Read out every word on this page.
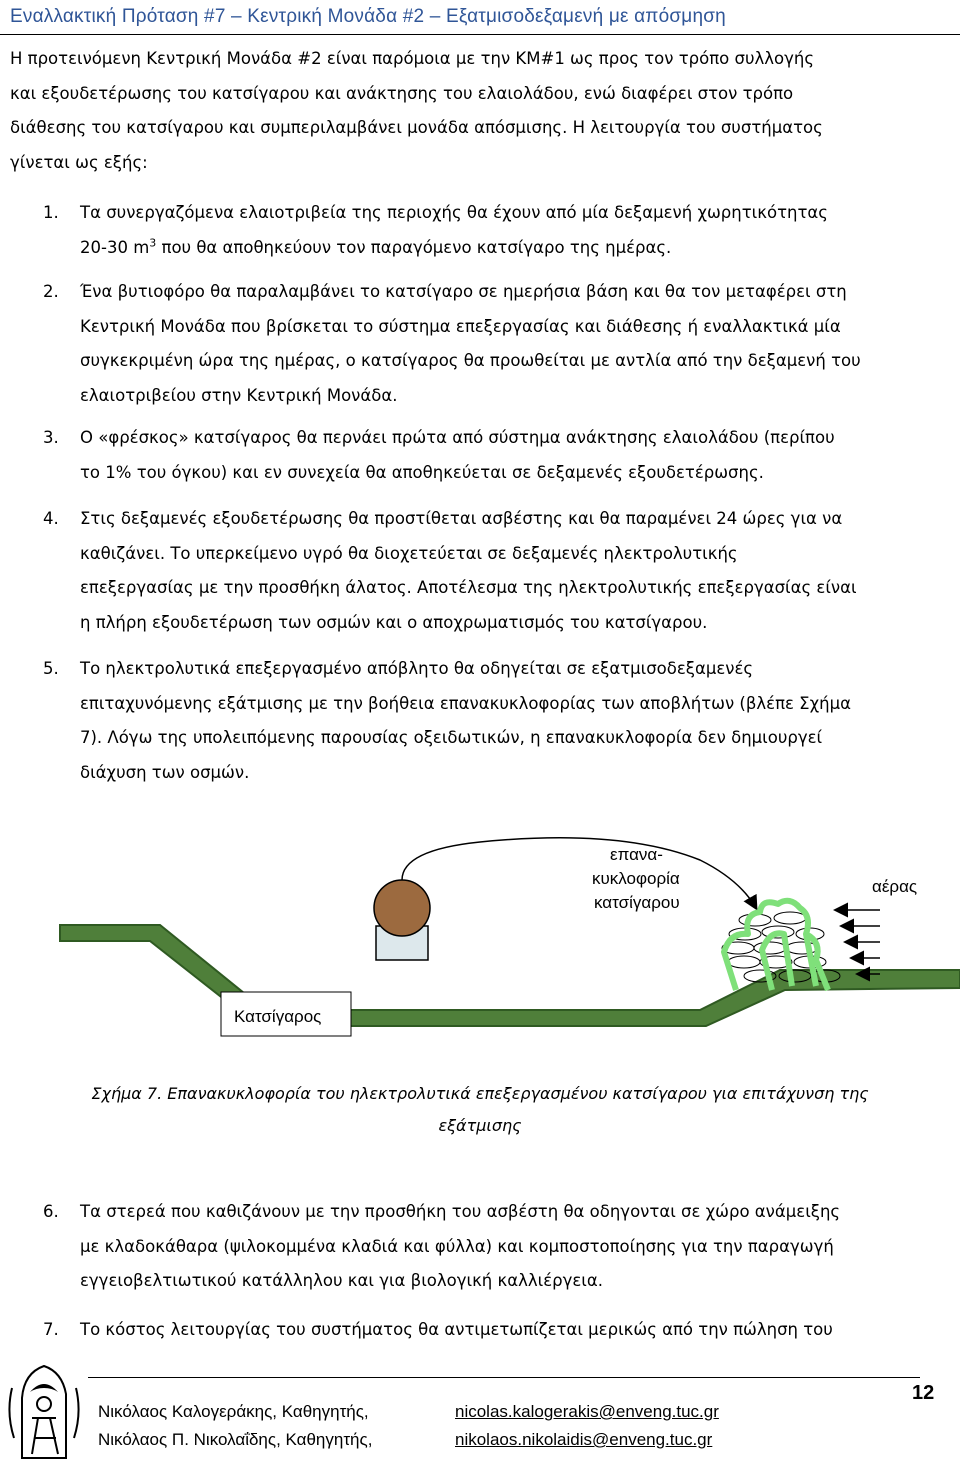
Εναλλακτική Πρόταση #7 – Κεντρική Μονάδα #2 – Εξατμισοδεξαμενή με απόσμηση
Η προτεινόμενη Κεντρική Μονάδα #2 είναι παρόμοια με την ΚΜ#1 ως προς τον τρόπο συλλογής
και εξουδετέρωσης του κατσίγαρου και ανάκτησης του ελαιολάδου, ενώ διαφέρει στον τρόπο
διάθεσης του κατσίγαρου και συμπεριλαμβάνει μονάδα απόσμισης. Η λειτουργία του συστήματος
γίνεται ως εξής:
1. Τα συνεργαζόμενα ελαιοτριβεία της περιοχής θα έχουν από μία δεξαμενή χωρητικότητας
20-30 $m^3$ που θα αποθηκεύουν τον παραγόμενο κατσίγαρο της ημέρας.
2. Ένα βυτιοφόρο θα παραλαμβάνει το κατσίγαρο σε ημερήσια βάση και θα τον μεταφέρει στη
Κεντρική Μονάδα που βρίσκεται το σύστημα επεξεργασίας και διάθεσης ή εναλλακτικά μία
συγκεκριμένη ώρα της ημέρας, ο κατσίγαρος θα προωθείται με αντλία από την δεξαμενή του
ελαιοτριβείου στην Κεντρική Μονάδα.
3. Ο «φρέσκος» κατσίγαρος θα περνάει πρώτα από σύστημα ανάκτησης ελαιολάδου (περίπου
το 1% του όγκου) και εν συνεχεία θα αποθηκεύεται σε δεξαμενές εξουδετέρωσης.
4. Στις δεξαμενές εξουδετέρωσης θα προστίθεται ασβέστης και θα παραμένει 24 ώρες για να
καθιζάνει. Το υπερκείμενο υγρό θα διοχετεύεται σε δεξαμενές ηλεκτρολυτικής
επεξεργασίας με την προσθήκη άλατος. Αποτέλεσμα της ηλεκτρολυτικής επεξεργασίας είναι
η πλήρη εξουδετέρωση των οσμών και ο αποχρωματισμός του κατσίγαρου.
5. Το ηλεκτρολυτικά επεξεργασμένο απόβλητο θα οδηγείται σε εξατμισοδεξαμενές
επιταχυνόμενης εξάτμισης με την βοήθεια επανακυκλοφορίας των αποβλήτων (βλέπε Σχήμα
7). Λόγω της υπολειπόμενης παρουσίας οξειδωτικών, η επανακυκλοφορία δεν δημιουργεί
διάχυση των οσμών.
επανα-
κυκλοφορία
κατσίγαρου
αέρας
Κατσίγαρος
Σχήμα 7. Επανακυκλοφορία του ηλεκτρολυτικά επεξεργασμένου κατσίγαρου για επιτάχυνση της
εξάτμισης
6. Τα στερεά που καθιζάνουν με την προσθήκη του ασβέστη θα οδηγονται σε χώρο ανάμειξης
με κλαδοκάθαρα (ψιλοκομμένα κλαδιά και φύλλα) και κομποστοποίησης για την παραγωγή
εγγειοβελτιωτικού κατάλληλου και για βιολογική καλλιέργεια.
7. Το κόστος λειτουργίας του συστήματος θα αντιμετωπίζεται μερικώς από την πώληση του
12
Νικόλαος Καλογεράκης, Καθηγητής,	nicolas.kalogerakis@enveng.tuc.gr
Νικόλαος Π. Νικολαΐδης, Καθηγητής,	nikolaos.nikolaidis@enveng.tuc.gr
